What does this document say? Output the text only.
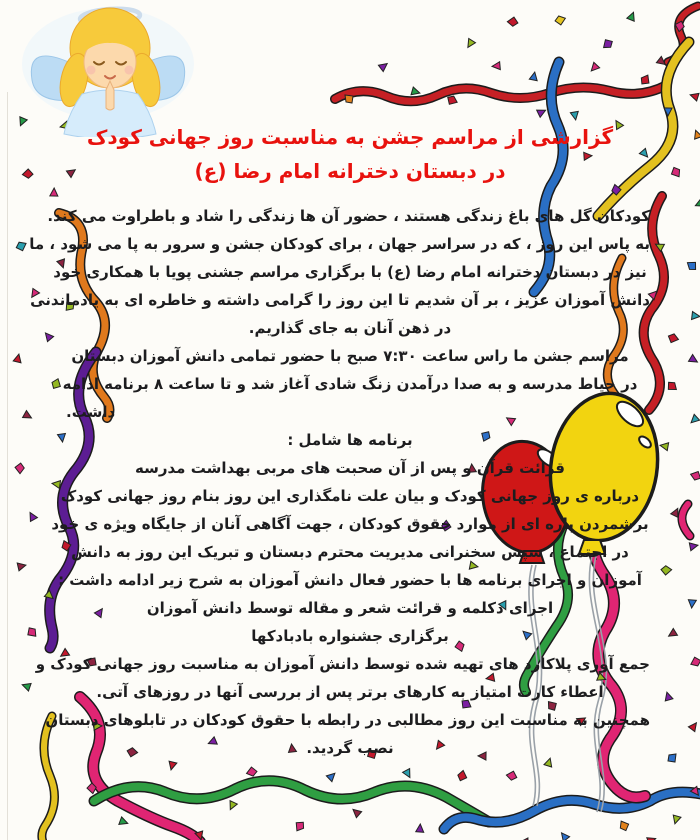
گزارشی از مراسم جشن به مناسبت روز جهانی کودک
در دبستان دخترانه امام رضا (ع)
کودکان گل های باغ زندگی هستند ، حضور آن ها زندگی را شاد و باطراوت می کند.
به پاس این روز ، که در سراسر جهان ، برای کودکان جشن و سرور به پا می شود ، ما
نیز در دبستان دخترانه امام رضا (ع) با برگزاری مراسم جشنی پویا با همکاری خود
دانش آموزان عزیز ، بر آن شدیم تا این روز را گرامی داشته و خاطره ای به یادماندنی
در ذهن آنان به جای گذاریم.
مراسم جشن ما راس ساعت ۷:۳۰ صبح با حضور تمامی دانش آموزان دبستان
در حیاط مدرسه و به صدا درآمدن زنگ شادی آغاز شد و تا ساعت ۸ برنامه ادامه
داشت.
برنامه ها شامل :
قرائت قرآن و پس از آن صحبت های مربی بهداشت مدرسه
درباره ی روز جهانی کودک و بیان علت نامگذاری این روز بنام روز جهانی کودک
برشمردن پاره ای از موارد حقوق کودکان ، جهت آگاهی آنان از جایگاه ویژه ی خود
در اجتماع ، سپس سخنرانی مدیریت محترم دبستان و تبریک این روز به دانش
آموزان و اجرای برنامه ها با حضور فعال دانش آموزان به شرح زیر ادامه داشت :
اجرای دکلمه و قرائت شعر و مقاله توسط دانش آموزان
برگزاری جشنواره بادبادکها
جمع آوری پلاکارد های تهیه شده توسط دانش آموزان به مناسبت روز جهانی کودک و
اعطاء کارت امتیاز به کارهای برتر پس از بررسی آنها در روزهای آتی.
همچنین به مناسبت این روز مطالبی در رابطه با حقوق کودکان در تابلوهای دبستان
نصب گردید.
